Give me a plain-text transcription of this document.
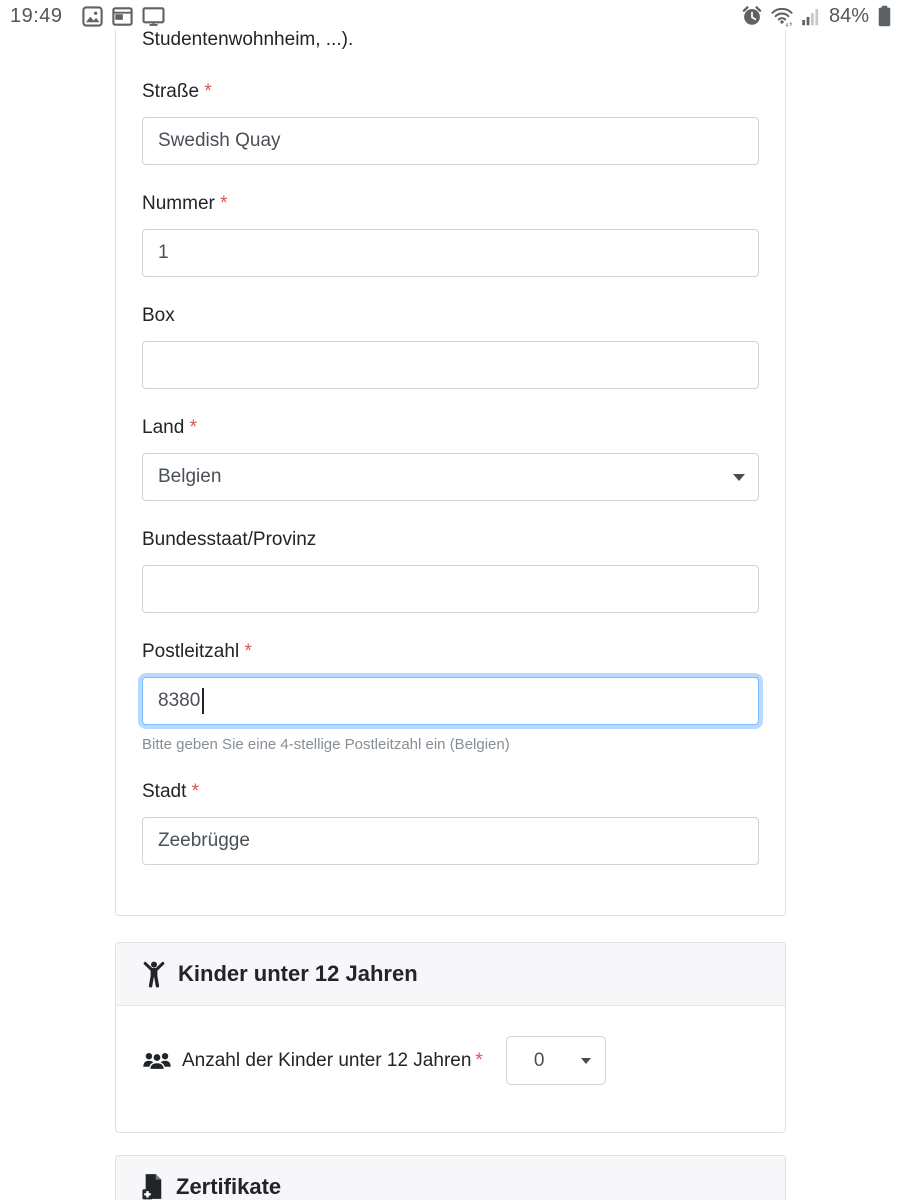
19:49	84%

Studentenwohnheim, ...).

Straße *
Swedish Quay
Nummer *
1
Box
Land *
Belgien
Bundesstaat/Provinz
Postleitzahl *
8380
Bitte geben Sie eine 4-stellige Postleitzahl ein (Belgien)
Stadt *
Zeebrügge
Kinder unter 12 Jahren
Anzahl der Kinder unter 12 Jahren *	0
Zertifikate
